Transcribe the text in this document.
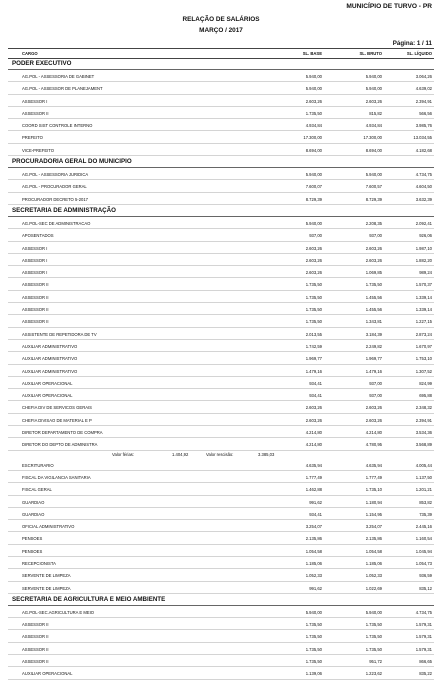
MUNICÍPIO DE TURVO - PR
RELAÇÃO DE SALÁRIOS
MARÇO / 2017
Página: 1 / 11
CARGO	SL. BASE	SL. BRUTO	SL. LÍQUIDO
PODER EXECUTIVO
AG.POL - ASSESSORIA DE GABINET	5.940,00	5.940,00	3.064,26
AG.POL - ASSESSOR DE PLANEJAMENT	5.940,00	5.940,00	4.639,02
ASSESSOR I	2.603,26	2.603,26	2.394,91
ASSESSOR II	1.735,50	815,82	566,56
COORD SIST CONTROLE INTERNO	4.934,84	4.934,84	3.985,76
PREFEITO	17.300,00	17.300,00	13.034,55
VICE-PREFEITO	8.694,00	8.694,00	4.182,68
PROCURADORIA GERAL DO MUNICIPIO
AG.POL - ASSESSORIA JURIDICA	5.940,00	5.940,00	4.734,75
AG.POL - PROCURADOR GERAL	7.600,07	7.600,57	4.604,50
PROCURADOR DECRETO 5-2017	8.729,39	8.729,39	3.632,39
SECRETARIA DE ADMINISTRAÇÃO
AG.POL-SEC DE ADMINISTRACAO	5.940,00	2.208,35	2.092,41
APOSENTADOS	937,00	937,00	926,06
ASSESSOR I	2.603,26	2.603,26	1.987,10
ASSESSOR I	2.603,26	2.603,26	1.882,20
ASSESSOR I	2.603,26	1.069,85	989,24
ASSESSOR II	1.735,50	1.735,50	1.570,37
ASSESSOR II	1.735,50	1.455,56	1.339,14
ASSESSOR II	1.735,50	1.455,56	1.339,14
ASSESSOR II	1.735,50	1.343,81	1.227,15
ASSISTENTE DE REPETIDORA DE TV	2.013,55	3.184,39	2.873,24
AUXILIAR ADMINISTRATIVO	1.742,59	2.249,82	1.670,97
AUXILIAR ADMINISTRATIVO	1.969,77	1.969,77	1.753,10
AUXILIAR ADMINISTRATIVO	1.479,16	1.479,16	1.307,52
AUXILIAR OPERACIONAL	934,41	937,00	824,99
AUXILIAR OPERACIONAL	934,41	937,00	695,88
CHEFIA DIV DE SERVICOS GERAIS	2.603,26	2.603,26	2.348,32
CHEFIA DIVISAO DE MATERIAL E P	2.603,26	2.603,26	2.394,91
DIRETOR DEPARTAMENTO DE COMPRA	4.214,80	4.214,80	3.534,36
DIRETOR DO DEPTO DE ADMINISTRA	4.214,80	4.780,95	3.568,89
Valor férias:	1.404,92	Valor rescisão:	3.385,03
ESCRITURARIO	4.635,94	4.635,94	4.005,44
FISCAL DA VIGILANCIA SANITARIA	1.777,49	1.777,49	1.137,50
FISCAL GERAL	1.462,88	1.735,10	1.201,21
GUARDIAO	991,62	1.180,94	853,82
GUARDIAO	934,41	1.154,95	735,39
OFICIAL ADMINISTRATIVO	3.254,07	3.254,07	2.445,16
PENSOES	2.135,86	2.135,86	1.160,54
PENSOES	1.054,58	1.054,58	1.045,94
RECEPCIONISTA	1.185,06	1.185,06	1.054,73
SERVENTE DE LIMPEZA	1.052,33	1.052,33	936,59
SERVENTE DE LIMPEZA	991,62	1.022,69	835,12
SECRETARIA DE AGRICULTURA E MEIO AMBIENTE
AG.POL-SEC.AGRICULTURA E MEIO	5.940,00	5.940,00	4.734,75
ASSESSOR II	1.735,50	1.735,50	1.579,31
ASSESSOR II	1.735,50	1.735,50	1.579,31
ASSESSOR II	1.735,50	1.735,50	1.579,31
ASSESSOR II	1.735,50	951,72	866,65
AUXILIAR OPERACIONAL	1.139,06	1.223,62	835,22
